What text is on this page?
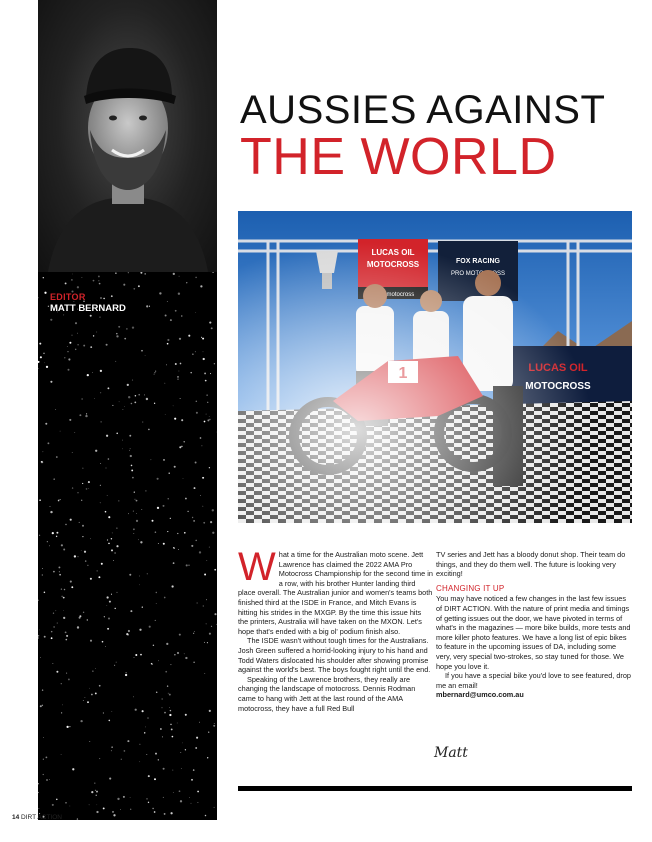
EDITOR
MATT BERNARD
AUSSIES AGAINST
THE WORLD

What a time for the Australian moto scene. Jett Lawrence has claimed the 2022 AMA Pro Motocross Championship for the second time in a row, with his brother Hunter landing third place overall. The Australian junior and women's teams both finished third at the ISDE in France, and Mitch Evans is hitting his strides in the MXGP. By the time this issue hits the printers, Australia will have taken on the MXON. Let's hope that's ended with a big ol' podium finish also.

The ISDE wasn't without tough times for the Australians. Josh Green suffered a horrid-looking injury to his hand and Todd Waters dislocated his shoulder after showing promise against the world's best. The boys fought right until the end.

Speaking of the Lawrence brothers, they really are changing the landscape of motocross. Dennis Rodman came to hang with Jett at the last round of the AMA motocross, they have a full Red Bull

TV series and Jett has a bloody donut shop. Their team do things, and they do them well. The future is looking very exciting!

CHANGING IT UP

You may have noticed a few changes in the last few issues of DIRT ACTION. With the nature of print media and timings of getting issues out the door, we have pivoted in terms of what's in the magazines — more bike builds, more tests and more killer photo features. We have a long list of epic bikes to feature in the upcoming issues of DA, including some very, very special two-strokes, so stay tuned for those. We hope you love it.

If you have a special bike you'd love to see featured, drop me an email!

mbernard@umco.com.au

Matt
14 DIRT ACTION
